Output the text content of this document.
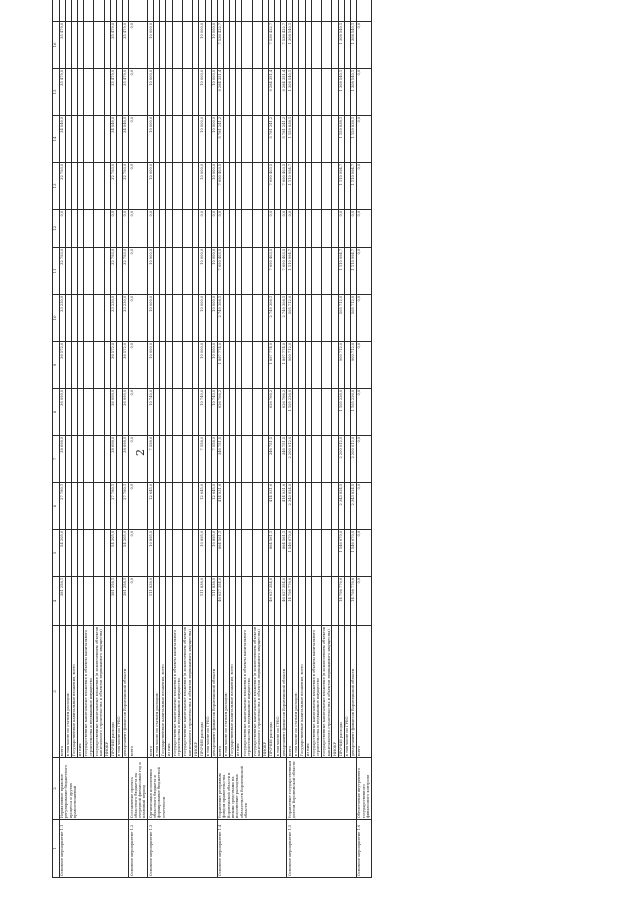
2
1	2	3	4	5	6	7	8	9	10	11	12	13	14	15	16	
Основное мероприятие 1.1	Нормативное правовое регулирование бюджетного процесса и других правоотношений	всего	381 258,1	54 205,0	27 780,1	38 698,0	36 099,0	36 572,0	33 230,0	32 793,0	0,0	32 793,0	34 046,0	35 479,0	35 479,0	
		в том числе по статьям расходов:														
		Государственные капитальные вложения, всего														
		из них:														
		государственные капитальные вложения в объекты капитального строительства и недвижимое имущество														
		государственные капитальные вложения (в исключением объектов капитального строительства и объектов недвижимого имущества)														
		НИОКР														
		ПРОЧИЕ расходы	381 258,1	54 205,0	27 780,1	38 698,0	36 099,0	36 572,0	33 230,0	32 793,0	0,0	32 793,0	34 046,0	35 479,0	35 479,0	
		в том числе по ГРБС:														
		департамент финансов Воронежской области	381 258,1	54 205,0	27 780,1	38 698,0	36 099,0	36 572,0	33 230,0	32 793,0	0,0	32 793,0	34 046,0	35 479,0	35 479,0	
Основное мероприятие 1.2	Составление проекта областного бюджета на очередной финансовый год и плановый период	всего	0,0	0,0	0,0	0,0	0,0	0,0	0,0	0,0	0,0	0,0	0,0	0,0	0,0	
Основное мероприятие 1.3	Организация исполнения областного бюджета и формирование бюджетной отчетности	всего	111 838,0	10 895,0	12 645,0	7 558,0	10 740,0	10 000,0	10 000,0	10 000,0	0,0	10 000,0	10 000,0	10 000,0	10 000,0	
		в том числе по статьям расходов:														
		Государственные капитальные вложения, всего														
		из них:														
		государственные капитальные вложения в объекты капитального строительства и недвижимое имущество														
		государственные капитальные вложения (в исключением объектов капитального строительства и объектов недвижимого имущества)														
		НИОКР														
		ПРОЧИЕ расходы	111 838,0	10 895,0	12 645,0	7 558,0	10 740,0	10 000,0	10 000,0	10 000,0	0,0	10 000,0	10 000,0	10 000,0	10 000,0	
		в том числе по ГРБС:														
		департамент финансов Воронежской области	111 838,0	10 895,0	12 645,0	7 558,0	10 740,0	10 000,0	10 000,0	10 000,0	0,0	10 000,0	10 000,0	10 000,0	10 000,0	
Основное мероприятие 1.4	Управление резервным фондом правительства Воронежской области и иными средствами на исполнение расходных обязательств Воронежской области	всего	46 627 354,0	864 561,1	414 931,6	346 751,5	626 766,2	1 897 774,0	2 749 308,1	7 690 403,5	0,0	7 690 403,5	5 781 241,2	9 284 351,4	7 536 422,7	
		в том числе по статьям расходов:														
		Государственные капитальные вложения, всего														
		из них:														
		государственные капитальные вложения в объекты капитального строительства и недвижимое имущество														
		государственные капитальные вложения (в исключением объектов капитального строительства и объектов недвижимого имущества)														
		НИОКР														
		ПРОЧИЕ расходы	46 627 354,0	864 561,1	414 931,6	346 751,5	626 766,2	1 897 774,0	2 749 308,1	7 690 403,5	0,0	7 690 403,5	5 781 241,2	9 284 351,4	7 536 422,7	
		в том числе по ГРБС:														
		департамент финансов Воронежской области	46 627 354,0	864 561,1	414 931,6	346 751,5	626 766,2	1 897 774,0	2 749 308,1	7 690 403,5	0,0	7 690 403,5	5 781 241,2	9 284 351,4	7 536 422,7	
Основное мероприятие 1.5	Управление государственным долгом Воронежской области	всего	14 798 776,6	1 546 670,0	2 343 824,5	2 200 012,0	1 105 226,0	900 712,0	505 712,0	1 110 994,7	0,0	1 110 994,7	1 159 838,1	1 308 540,1	1 308 540,1	
		в том числе по статьям расходов:														
		Государственные капитальные вложения, всего														
		из них:														
		государственные капитальные вложения в объекты капитального строительства и недвижимое имущество														
		государственные капитальные вложения (в исключением объектов капитального строительства и объектов недвижимого имущества)														
		НИОКР														
		ПРОЧИЕ расходы	14 798 776,6	1 546 670,0	2 343 824,5	2 200 012,0	1 105 226,0	900 712,0	505 712,0	1 110 994,7	0,0	1 110 994,7	1 159 838,1	1 308 540,1	1 308 540,1	
		в том числе по ГРБС:														
		департамент финансов Воронежской области	14 798 776,6	1 546 670,0	2 343 824,5	2 200 012,0	1 105 226,0	900 712,0	505 712,0	1 110 994,7	0,0	1 110 994,7	1 159 838,1	1 308 540,1	1 308 540,1	
Основное мероприятие 1.6	Обеспечение внутреннего государственного финансового контроля	всего	0,0	0,0	0,0	0,0	0,0	0,0	0,0	0,0	0,0	0,0	0,0	0,0	0,0	
